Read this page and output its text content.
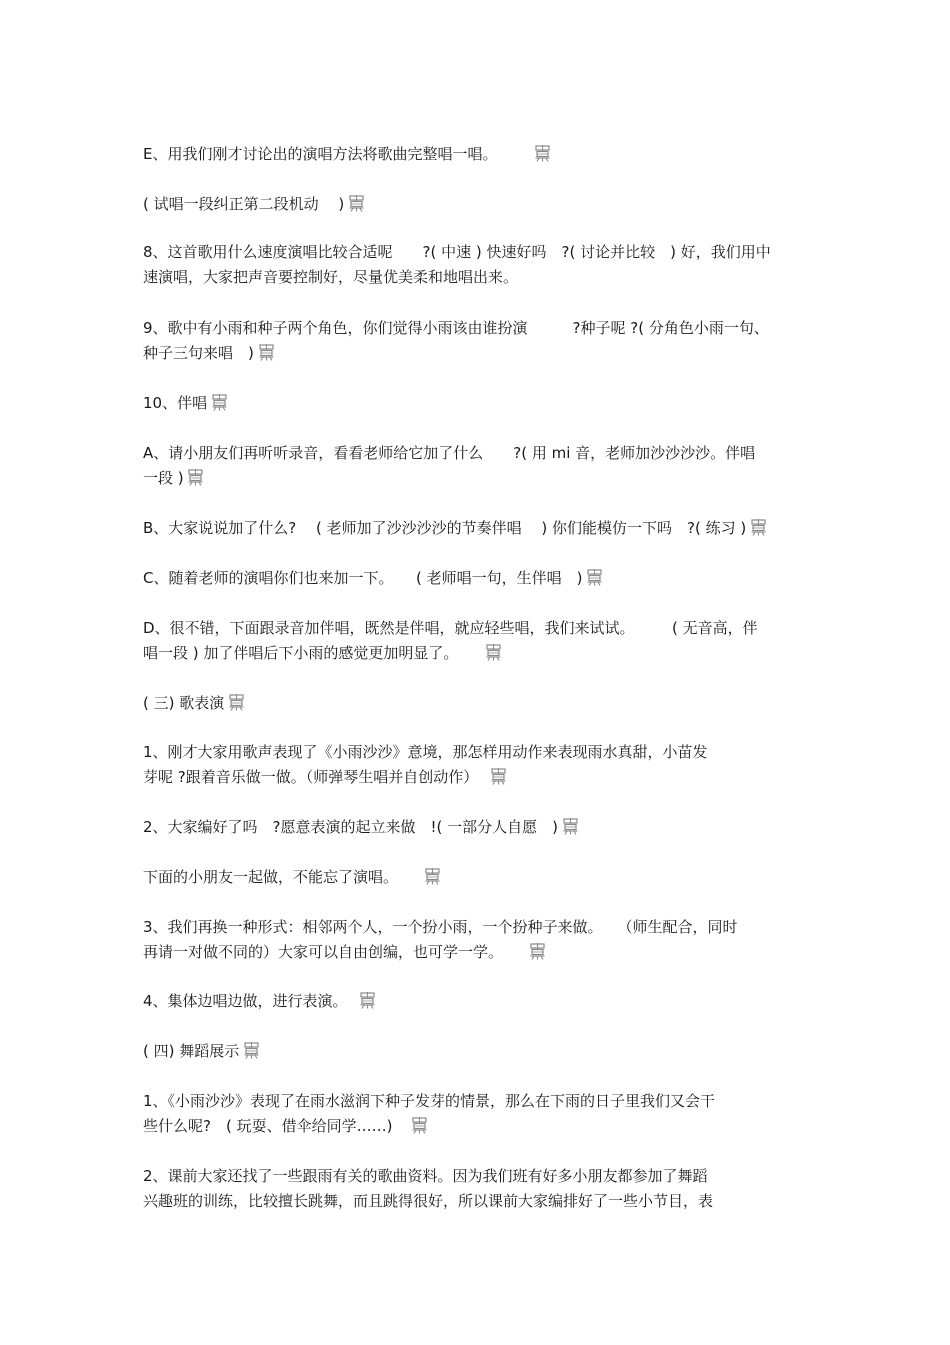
E、用我们刚才讨论出的演唱方法将歌曲完整唱一唱。　　　
( 试唱一段纠正第二段机动　 )
8、这首歌用什么速度演唱比较合适呢　　?( 中速 ) 快速好吗　?( 讨论并比较　) 好，我们用中
速演唱，大家把声音要控制好，尽量优美柔和地唱出来。
9、歌中有小雨和种子两个角色，你们觉得小雨该由谁扮演　　　?种子呢 ?( 分角色小雨一句、
种子三句来唱　)
10、伴唱
A、请小朋友们再听听录音，看看老师给它加了什么　　?( 用 mi 音，老师加沙沙沙沙。伴唱
一段 )
B、大家说说加了什么?　 ( 老师加了沙沙沙沙的节奏伴唱　 ) 你们能模仿一下吗　?( 练习 )
C、随着老师的演唱你们也来加一下。　　( 老师唱一句，生伴唱　)
D、很不错，下面跟录音加伴唱，既然是伴唱，就应轻些唱，我们来试试。　　　( 无音高，伴
唱一段 ) 加了伴唱后下小雨的感觉更加明显了。　　
( 三) 歌表演
1、刚才大家用歌声表现了《小雨沙沙》意境，那怎样用动作来表现雨水真甜，小苗发
芽呢 ?跟着音乐做一做。（师弹琴生唱并自创动作）　
2、大家编好了吗　?愿意表演的起立来做　!( 一部分人自愿　)
下面的小朋友一起做，不能忘了演唱。　　
3、我们再换一种形式：相邻两个人，一个扮小雨，一个扮种子来做。　　（师生配合，同时
再请一对做不同的）大家可以自由创编，也可学一学。　　
4、集体边唱边做，进行表演。　
( 四) 舞蹈展示
1、《小雨沙沙》表现了在雨水滋润下种子发芽的情景，那么在下雨的日子里我们又会干
些什么呢?　( 玩耍、借伞给同学……)　
2、课前大家还找了一些跟雨有关的歌曲资料。因为我们班有好多小朋友都参加了舞蹈
兴趣班的训练，比较擅长跳舞，而且跳得很好，所以课前大家编排好了一些小节目，表
